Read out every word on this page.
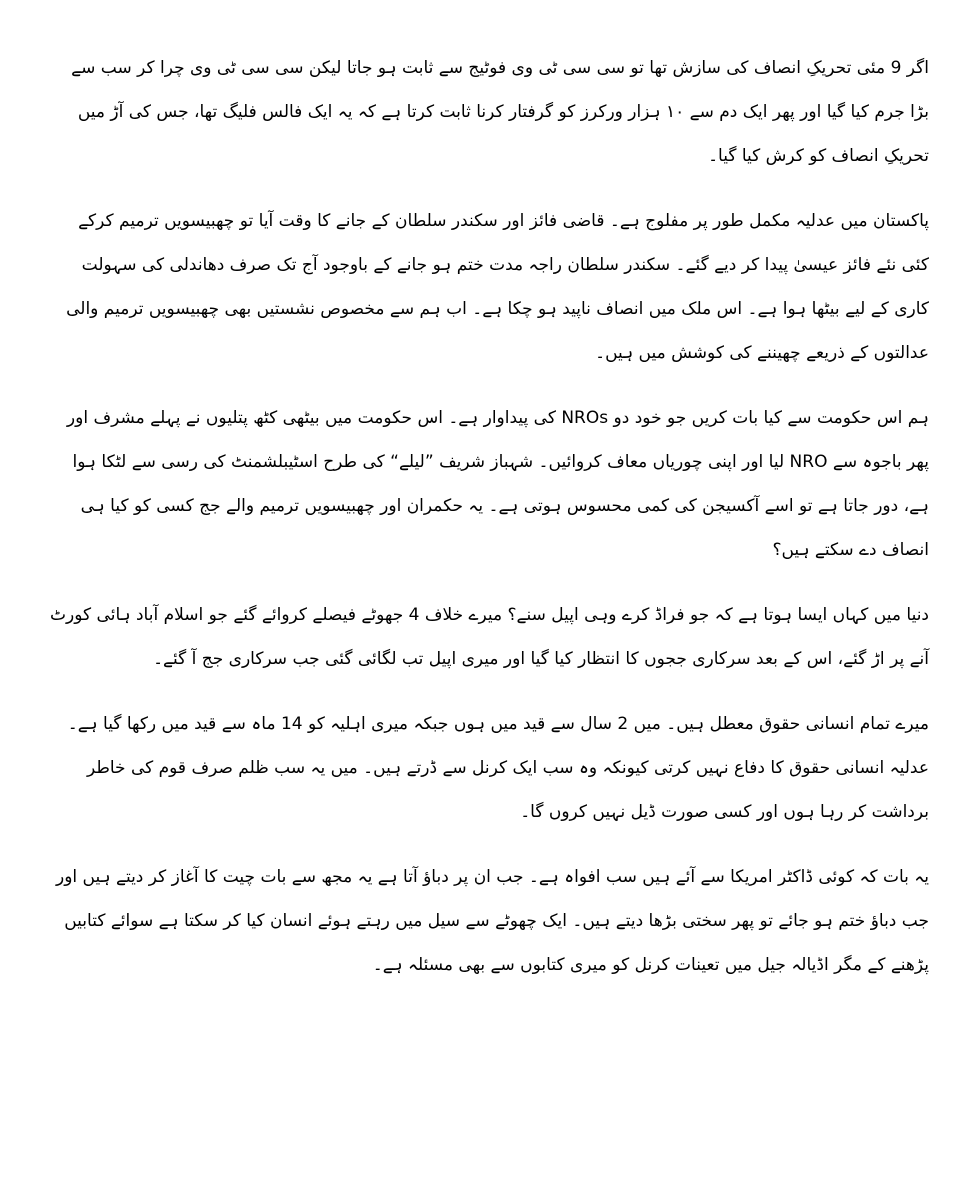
اگر 9 مئی تحریکِ انصاف کی سازش تھا تو سی سی ٹی وی فوٹیج سے ثابت ہو جاتا لیکن سی سی ٹی وی چرا کر سب سے بڑا جرم کیا گیا اور پھر ایک دم سے ۱۰ ہزار ورکرز کو گرفتار کرنا ثابت کرتا ہے کہ یہ ایک فالس فلیگ تھا، جس کی آڑ میں تحریکِ انصاف کو کرش کیا گیا۔

پاکستان میں عدلیہ مکمل طور پر مفلوج ہے۔ قاضی فائز اور سکندر سلطان کے جانے کا وقت آیا تو چھبیسویں ترمیم کرکے کئی نئے فائز عیسیٰ پیدا کر دیے گئے۔ سکندر سلطان راجہ مدت ختم ہو جانے کے باوجود آج تک صرف دھاندلی کی سہولت کاری کے لیے بیٹھا ہوا ہے۔ اس ملک میں انصاف ناپید ہو چکا ہے۔ اب ہم سے مخصوص نشستیں بھی چھبیسویں ترمیم والی عدالتوں کے ذریعے چھیننے کی کوشش میں ہیں۔

ہم اس حکومت سے کیا بات کریں جو خود دو NROs کی پیداوار ہے۔ اس حکومت میں بیٹھی کٹھ پتلیوں نے پہلے مشرف اور پھر باجوہ سے NRO لیا اور اپنی چوریاں معاف کروائیں۔ شہباز شریف ”لیلے“ کی طرح اسٹیبلشمنٹ کی رسی سے لٹکا ہوا ہے، دور جاتا ہے تو اسے آکسیجن کی کمی محسوس ہوتی ہے۔ یہ حکمران اور چھبیسویں ترمیم والے جج کسی کو کیا ہی انصاف دے سکتے ہیں؟

دنیا میں کہاں ایسا ہوتا ہے کہ جو فراڈ کرے وہی اپیل سنے؟ میرے خلاف 4 جھوٹے فیصلے کروائے گئے جو اسلام آباد ہائی کورٹ آنے پر اڑ گئے، اس کے بعد سرکاری ججوں کا انتظار کیا گیا اور میری اپیل تب لگائی گئی جب سرکاری جج آ گئے۔

میرے تمام انسانی حقوق معطل ہیں۔ میں 2 سال سے قید میں ہوں جبکہ میری اہلیہ کو 14 ماہ سے قید میں رکھا گیا ہے۔ عدلیہ انسانی حقوق کا دفاع نہیں کرتی کیونکہ وہ سب ایک کرنل سے ڈرتے ہیں۔ میں یہ سب ظلم صرف قوم کی خاطر برداشت کر رہا ہوں اور کسی صورت ڈیل نہیں کروں گا۔

یہ بات کہ کوئی ڈاکٹر امریکا سے آئے ہیں سب افواہ ہے۔ جب ان پر دباؤ آتا ہے یہ مجھ سے بات چیت کا آغاز کر دیتے ہیں اور جب دباؤ ختم ہو جائے تو پھر سختی بڑھا دیتے ہیں۔ ایک چھوٹے سے سیل میں رہتے ہوئے انسان کیا کر سکتا ہے سوائے کتابیں پڑھنے کے مگر اڈیالہ جیل میں تعینات کرنل کو میری کتابوں سے بھی مسئلہ ہے۔
